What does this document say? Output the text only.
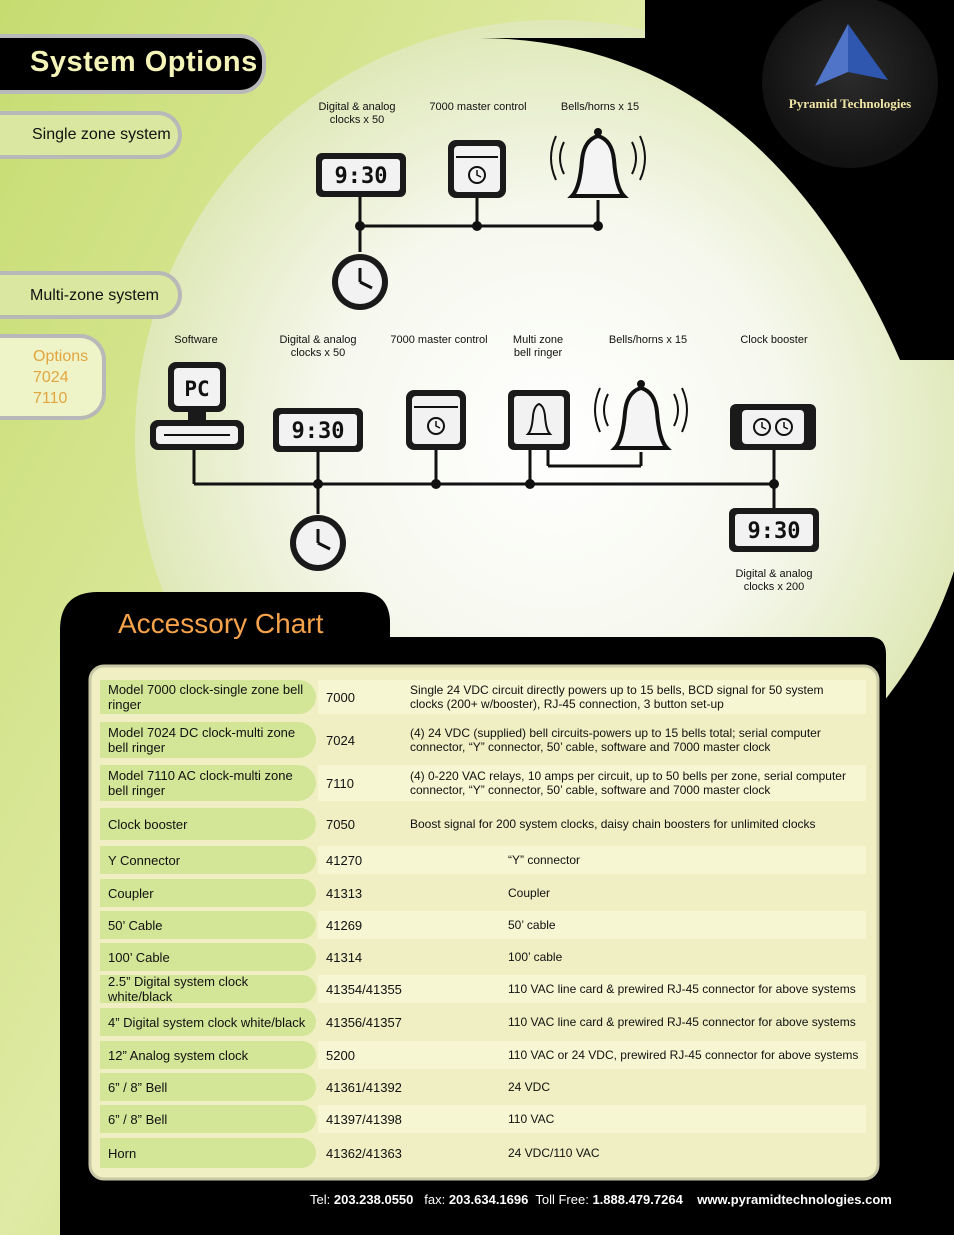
System Options
Pyramid Technologies
Single zone system
Multi-zone system
Options
7024
7110
Digital & analog clocks x 50
7000 master control	Bells/horns x 15
9:30
Software	Digital & analog clocks x 50
7000 master control	Multi zone bell ringer
Bells/horns x 15	Clock booster
Digital & analog clocks x 200
PC
9:30
9:30
Accessory Chart
Model 7000 clock-single zone bell ringer	7000	Single 24 VDC circuit directly powers up to 15 bells, BCD signal for 50 system clocks (200+ w/booster), RJ-45 connection, 3 button set-up
Model 7024 DC clock-multi zone bell ringer	7024	(4) 24 VDC (supplied) bell circuits-powers up to 15 bells total; serial computer connector, “Y” connector, 50’ cable, software and 7000 master clock
Model 7110 AC clock-multi zone bell ringer	7110	(4) 0-220 VAC relays, 10 amps per circuit, up to 50 bells per zone, serial computer connector, “Y” connector, 50’ cable, software and 7000 master clock
Clock booster	7050	Boost signal for 200 system clocks, daisy chain boosters for unlimited clocks
Y Connector	41270	“Y” connector
Coupler	41313	Coupler
50’ Cable	41269	50’ cable
100’ Cable	41314	100’ cable
2.5” Digital system clock white/black	41354/41355	110 VAC line card & prewired RJ-45 connector for above systems
4” Digital system clock white/black	41356/41357	110 VAC line card & prewired RJ-45 connector for above systems
12” Analog system clock	5200	110 VAC or 24 VDC, prewired RJ-45 connector for above systems
6” / 8” Bell	41361/41392	24 VDC
6” / 8” Bell	41397/41398	110 VAC
Horn	41362/41363	24 VDC/110 VAC
Tel: 203.238.0550 fax: 203.634.1696 Toll Free: 1.888.479.7264 www.pyramidtechnologies.com
